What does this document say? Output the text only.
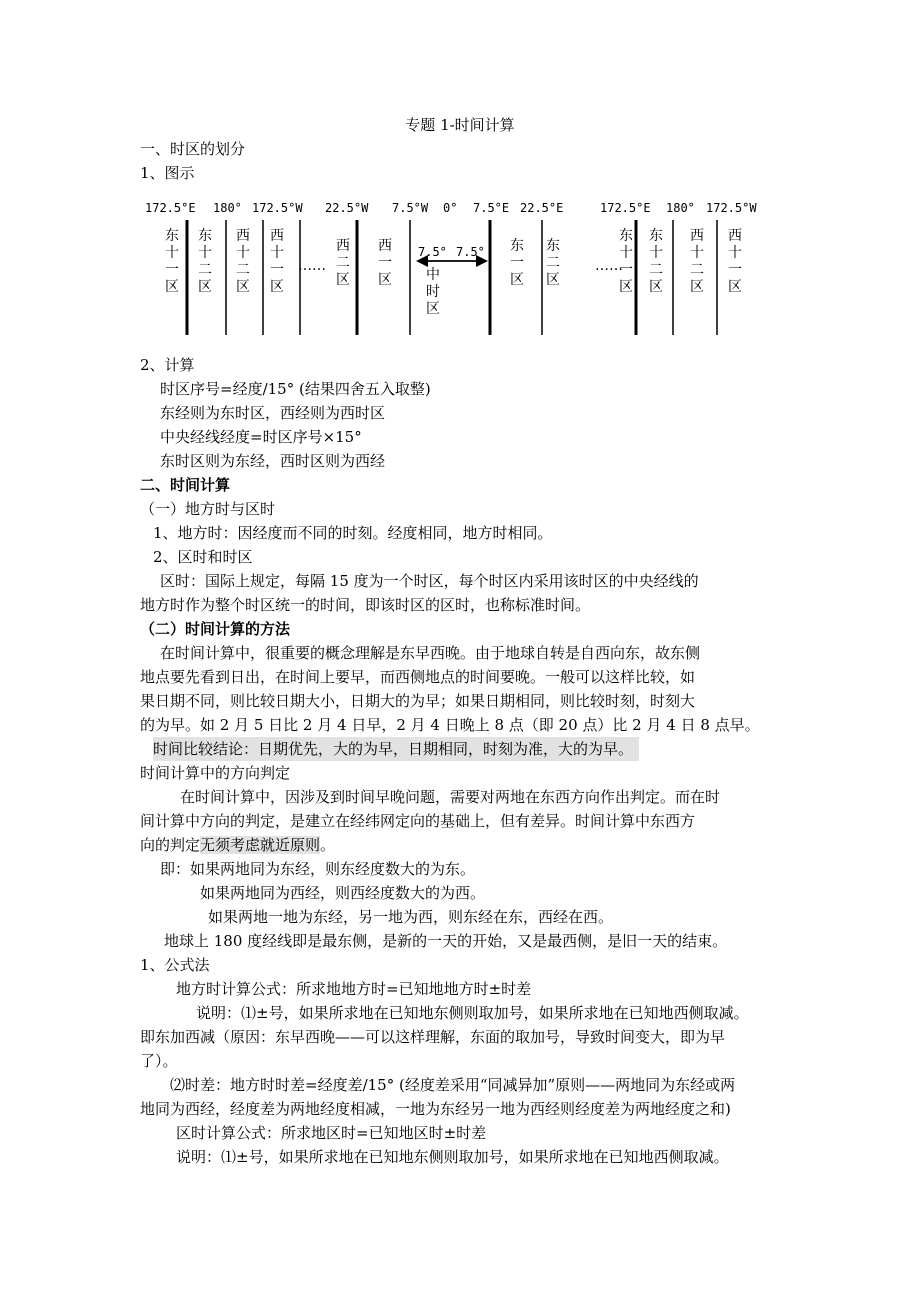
专题 1-时间计算
一、时区的划分
1、图示
172.5°E 180° 172.5°W 22.5°W 7.5°W 0° 7.5°E 22.5°E	172.5°E 180° 172.5°W
东十一区
东十二区
西十二区
西十一区
西二区
西一区 中时区
东一区
东二区
东十一区
东十二区
西十二区
西十一区
……	……
7.5° 7.5°
2、计算
时区序号=经度/15° (结果四舍五入取整)
东经则为东时区，西经则为西时区
中央经线经度=时区序号×15°
东时区则为东经，西时区则为西经
二、时间计算
（一）地方时与区时
1、地方时：因经度而不同的时刻。经度相同，地方时相同。
2、区时和时区
区时：国际上规定，每隔 15 度为一个时区，每个时区内采用该时区的中央经线的
地方时作为整个时区统一的时间，即该时区的区时，也称标准时间。
（二）时间计算的方法
在时间计算中，很重要的概念理解是东早西晚。由于地球自转是自西向东，故东侧
地点要先看到日出，在时间上要早，而西侧地点的时间要晚。一般可以这样比较，如
果日期不同，则比较日期大小，日期大的为早；如果日期相同，则比较时刻，时刻大
的为早。如 2 月 5 日比 2 月 4 日早，2 月 4 日晚上 8 点（即 20 点）比 2 月 4 日 8 点早。
时间比较结论：日期优先，大的为早，日期相同，时刻为准，大的为早。
时间计算中的方向判定
在时间计算中，因涉及到时间早晚问题，需要对两地在东西方向作出判定。而在时
间计算中方向的判定，是建立在经纬网定向的基础上，但有差异。时间计算中东西方
向的判定无须考虑就近原则。
即：如果两地同为东经，则东经度数大的为东。
如果两地同为西经，则西经度数大的为西。
如果两地一地为东经，另一地为西，则东经在东，西经在西。
地球上 180 度经线即是最东侧，是新的一天的开始，又是最西侧，是旧一天的结束。
1、公式法
地方时计算公式：所求地地方时=已知地地方时±时差
说明：⑴±号，如果所求地在已知地东侧则取加号，如果所求地在已知地西侧取减。
即东加西减（原因：东早西晚——可以这样理解，东面的取加号，导致时间变大，即为早
了）。
⑵时差：地方时时差=经度差/15° (经度差采用“同减异加”原则——两地同为东经或两
地同为西经，经度差为两地经度相减，一地为东经另一地为西经则经度差为两地经度之和)
区时计算公式：所求地区时=已知地区时±时差
说明：⑴±号，如果所求地在已知地东侧则取加号，如果所求地在已知地西侧取减。
